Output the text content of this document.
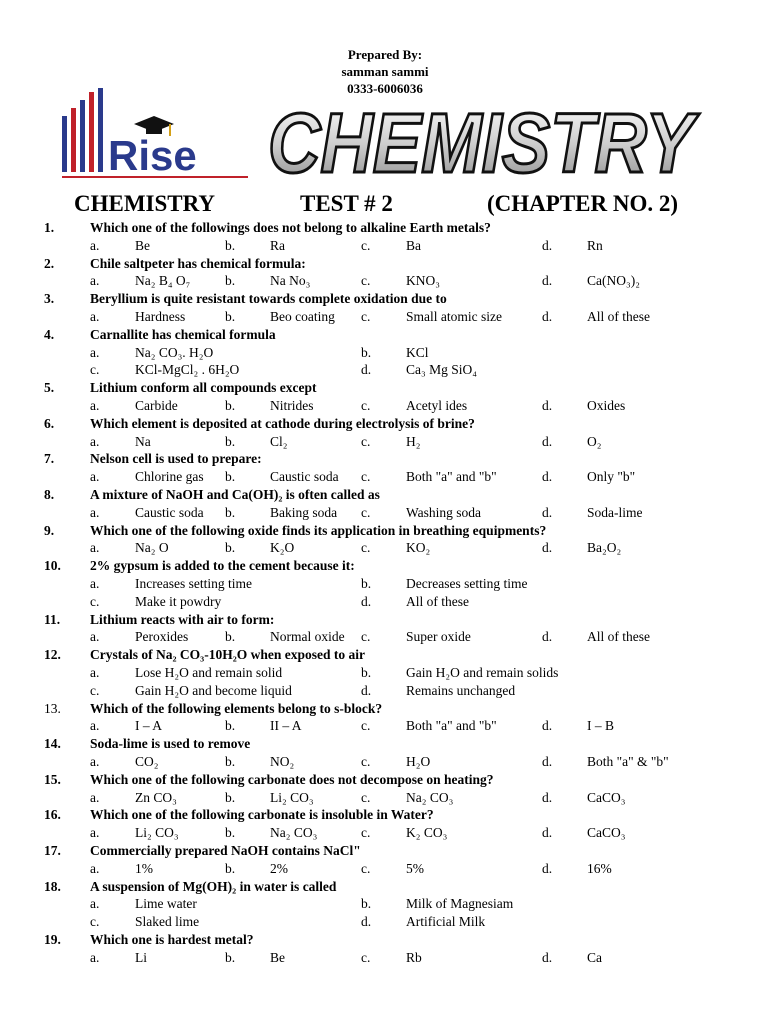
Prepared By:
samman sammi
0333-6006036
Rise CHEMISTRY
CHEMISTRY	TEST # 2	(CHAPTER NO. 2)
1.	Which one of the followings does not belong to alkaline Earth metals?
a.	Be	b.	Ra	c.	Ba	d.	Rn
2.	Chile saltpeter has chemical formula:
a.	Na₂ B₄ O₇	b.	Na No₃	c.	KNO₃	d.	Ca(NO₃)₂
3.	Beryllium is quite resistant towards complete oxidation due to
a.	Hardness	b.	Beo coating c.	Small atomic size	d.	All of these
4.	Carnallite has chemical formula
a.	Na₂ CO₃. H₂O	b.	KCl
c.	KCl-MgCl₂ . 6H₂O	d.	Ca₃ Mg SiO₄
5.	Lithium conform all compounds except
a.	Carbide	b.	Nitrides	c.	Acetyl ides	d.	Oxides
6.	Which element is deposited at cathode during electrolysis of brine?
a.	Na	b.	Cl₂	c.	H₂	d.	O₂
7.	Nelson cell is used to prepare:
a.	Chlorine gas b.	Caustic soda c.	Both "a" and "b"	d.	Only "b"
8.	A mixture of NaOH and Ca(OH)₂ is often called as
a.	Caustic soda b.	Baking soda c.	Washing soda	d.	Soda-lime
9.	Which one of the following oxide finds its application in breathing equipments?
a.	Na₂ O	b.	K₂O	c.	KO₂	d.	Ba₂O₂
10. 2% gypsum is added to the cement because it:
a.	Increases setting time	b.	Decreases setting time
c.	Make it powdry	d.	All of these
11. Lithium reacts with air to form:
a.	Peroxides	b.	Normal oxide c.	Super oxide	d.	All of these
12. Crystals of Na₂ CO₃-10H₂O when exposed to air
a.	Lose H₂O and remain solid	b.	Gain H₂O and remain solids
c.	Gain H₂O and become liquid	d.	Remains unchanged
13. Which of the following elements belong to s-block?
a.	I – A	b.	II – A	c.	Both "a" and "b"	d.	I – B
14. Soda-lime is used to remove
a.	CO₂	b.	NO₂	c.	H₂O	d.	Both "a" & "b"
15. Which one of the following carbonate does not decompose on heating?
a.	Zn CO₃	b.	Li₂ CO₃	c.	Na₂ CO₃	d.	CaCO₃
16. Which one of the following carbonate is insoluble in Water?
a.	Li₂ CO₃	b.	Na₂ CO₃	c.	K₂ CO₃	d.	CaCO₃
17. Commercially prepared NaOH contains NaCl"
a.	1%	b.	2%	c.	5%	d.	16%
18. A suspension of Mg(OH)₂ in water is called
a.	Lime water	b.	Milk of Magnesiam
c.	Slaked lime	d.	Artificial Milk
19. Which one is hardest metal?
a.	Li	b.	Be	c.	Rb	d.	Ca
